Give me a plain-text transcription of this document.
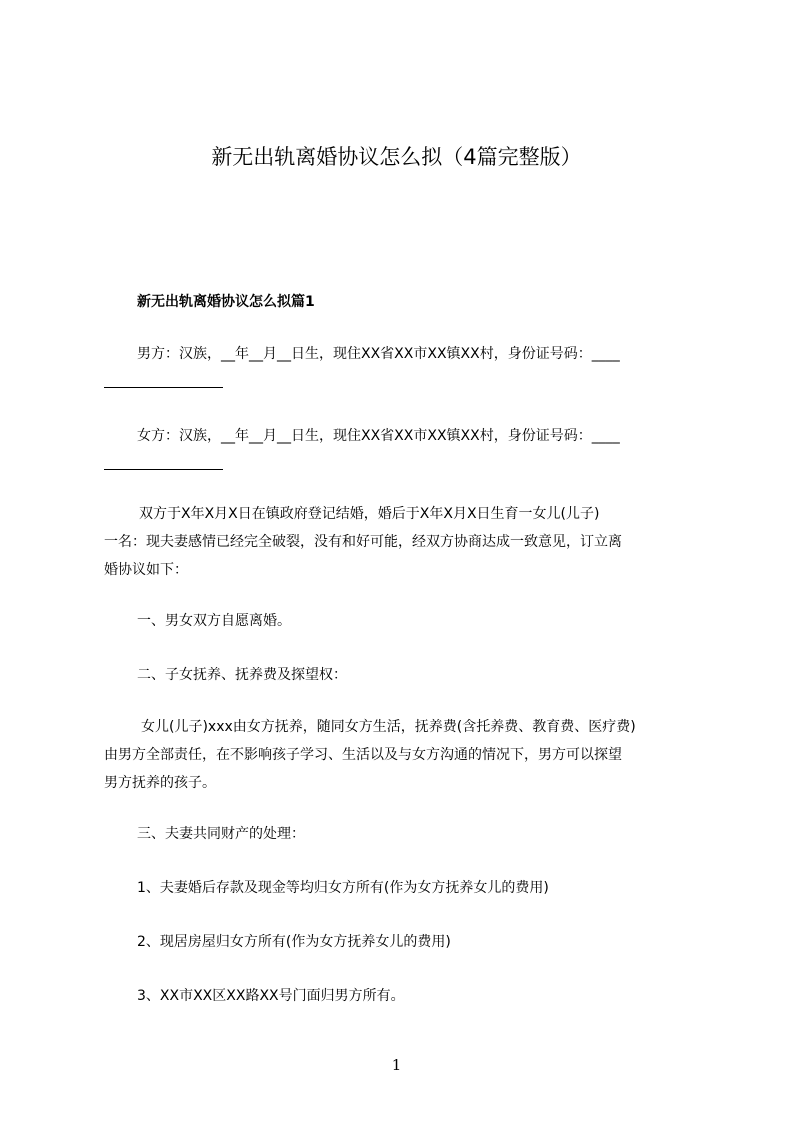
新无出轨离婚协议怎么拟（4篇完整版）
新无出轨离婚协议怎么拟篇1
男方：汉族，__年__月__日生，现住XX省XX市XX镇XX村，身份证号码：____
女方：汉族，__年__月__日生，现住XX省XX市XX镇XX村，身份证号码：____
双方于X年X月X日在镇政府登记结婚，婚后于X年X月X日生育一女儿(儿子)
一名：现夫妻感情已经完全破裂，没有和好可能，经双方协商达成一致意见，订立离
婚协议如下：
一、男女双方自愿离婚。
二、子女抚养、抚养费及探望权：
女儿(儿子)xxx由女方抚养，随同女方生活，抚养费(含托养费、教育费、医疗费)
由男方全部责任，在不影响孩子学习、生活以及与女方沟通的情况下，男方可以探望
男方抚养的孩子。
三、夫妻共同财产的处理：
1、夫妻婚后存款及现金等均归女方所有(作为女方抚养女儿的费用)
2、现居房屋归女方所有(作为女方抚养女儿的费用)
3、XX市XX区XX路XX号门面归男方所有。
1
